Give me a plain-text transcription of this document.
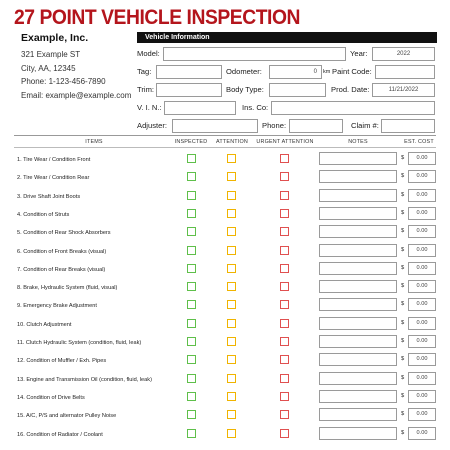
27 POINT VEHICLE INSPECTION
Example, Inc.
321 Example ST
City, AA, 12345
Phone: 1-123-456-7890
Email: example@example.com
Vehicle Information
Model:	Year:	2022
Tag:	Odometer:	0	km Paint Code:
Trim:	Body Type:	Prod. Date:	11/21/2022
V. I. N.:	Ins. Co:
Adjuster:	Phone:	Claim #:
ITEMS	INSPECTED	ATTENTION	URGENT ATTENTION	NOTES	EST. COST
1. Tire Wear / Condition Front	$	0.00
2. Tire Wear / Condition Rear	$	0.00
3. Drive Shaft Joint Boots	$	0.00
4. Condition of Struts	$	0.00
5. Condition of Rear Shock Absorbers	$	0.00
6. Condition of Front Breaks (visual)	$	0.00
7. Condition of Rear Breaks (visual)	$	0.00
8. Brake, Hydraulic System (fluid, visual)	$	0.00
9. Emergency Brake Adjustment	$	0.00
10. Clutch Adjustment	$	0.00
11. Clutch Hydraulic System (condition, fluid, leak)	$	0.00
12. Condition of Muffler / Exh. Pipes	$	0.00
13. Engine and Transmission Oil (condition, fluid, leak)	$	0.00
14. Condition of Drive Belts	$	0.00
15. A/C, P/S and alternator Pulley Noise	$	0.00
16. Condition of Radiator / Coolant	$	0.00
